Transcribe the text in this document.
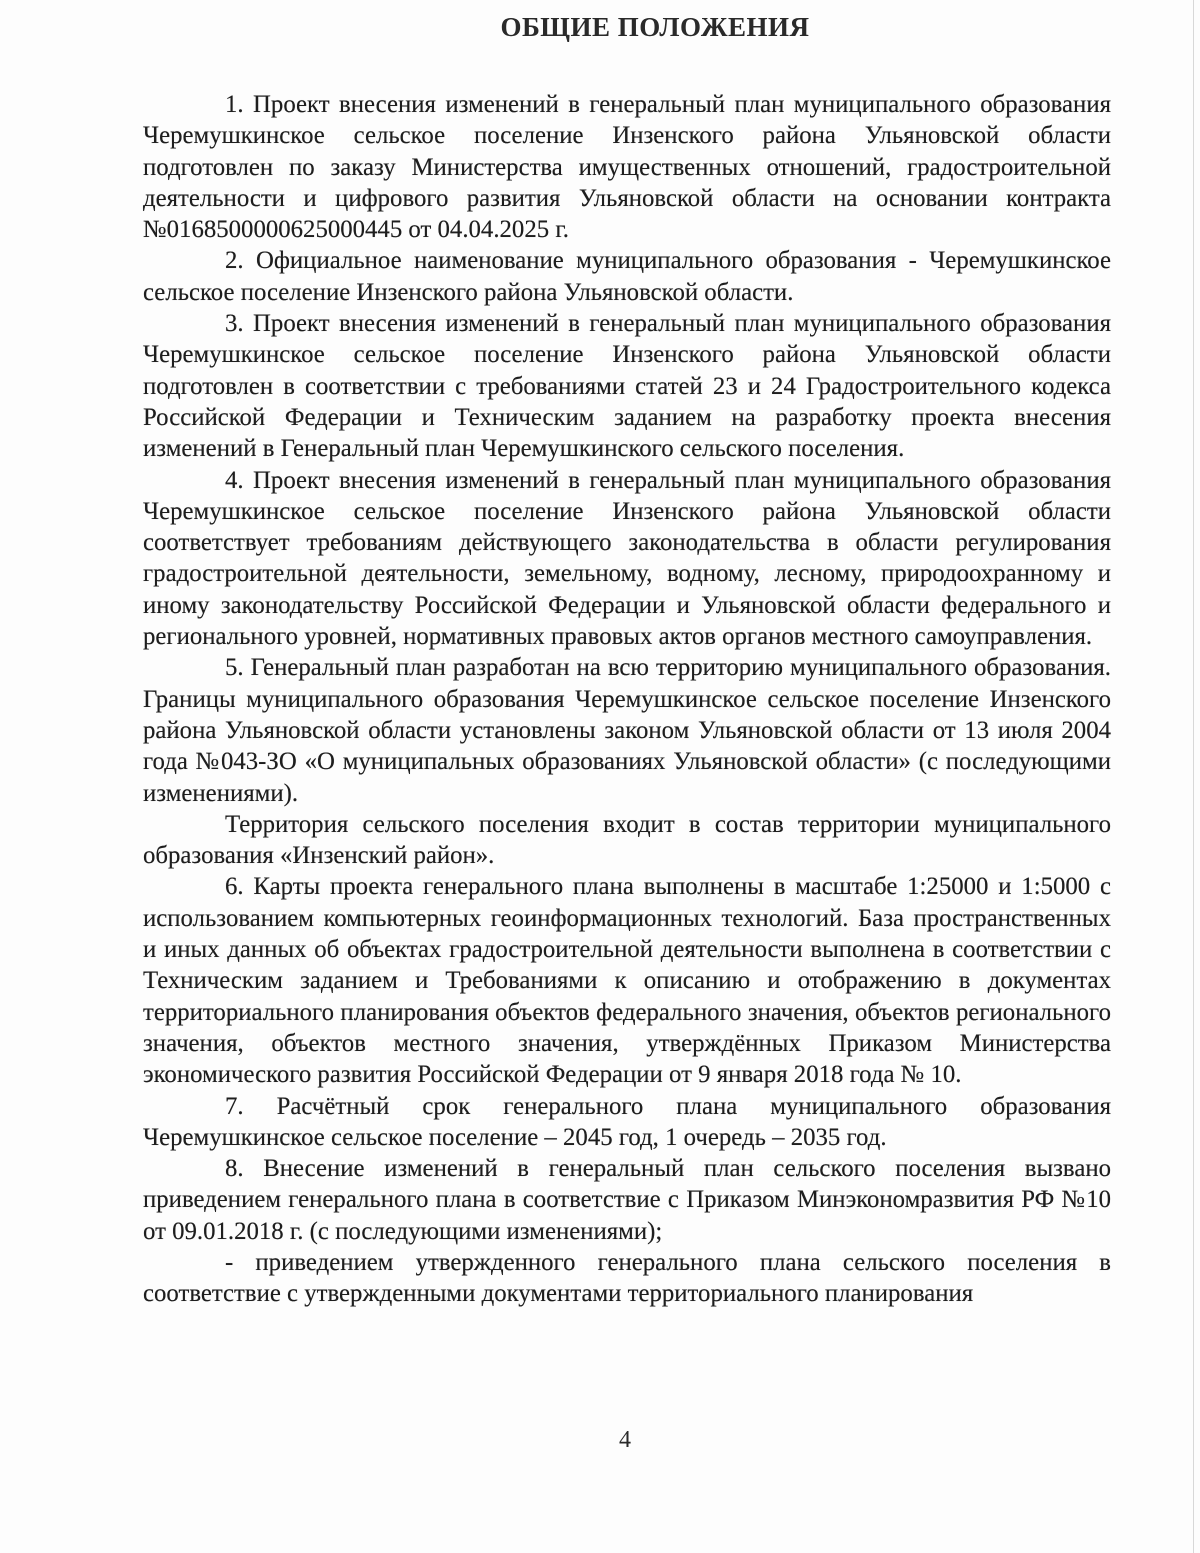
ОБЩИЕ ПОЛОЖЕНИЯ

1. Проект внесения изменений в генеральный план муниципального образования Черемушкинское сельское поселение Инзенского района Ульяновской области подготовлен по заказу Министерства имущественных отношений, градостроительной деятельности и цифрового развития Ульяновской области на основании контракта №0168500000625000445 от 04.04.2025 г.

2. Официальное наименование муниципального образования - Черемушкинское сельское поселение Инзенского района Ульяновской области.

3. Проект внесения изменений в генеральный план муниципального образования Черемушкинское сельское поселение Инзенского района Ульяновской области подготовлен в соответствии с требованиями статей 23 и 24 Градостроительного кодекса Российской Федерации и Техническим заданием на разработку проекта внесения изменений в Генеральный план Черемушкинского сельского поселения.

4. Проект внесения изменений в генеральный план муниципального образования Черемушкинское сельское поселение Инзенского района Ульяновской области соответствует требованиям действующего законодательства в области регулирования градостроительной деятельности, земельному, водному, лесному, природоохранному и иному законодательству Российской Федерации и Ульяновской области федерального и регионального уровней, нормативных правовых актов органов местного самоуправления.

5. Генеральный план разработан на всю территорию муниципального образования. Границы муниципального образования Черемушкинское сельское поселение Инзенского района Ульяновской области установлены законом Ульяновской области от 13 июля 2004 года №043-ЗО «О муниципальных образованиях Ульяновской области» (с последующими изменениями).

Территория сельского поселения входит в состав территории муниципального образования «Инзенский район».

6. Карты проекта генерального плана выполнены в масштабе 1:25000 и 1:5000 с использованием компьютерных геоинформационных технологий. База пространственных и иных данных об объектах градостроительной деятельности выполнена в соответствии с Техническим заданием и Требованиями к описанию и отображению в документах территориального планирования объектов федерального значения, объектов регионального значения, объектов местного значения, утверждённых Приказом Министерства экономического развития Российской Федерации от 9 января 2018 года № 10.

7. Расчётный срок генерального плана муниципального образования Черемушкинское сельское поселение – 2045 год, 1 очередь – 2035 год.

8. Внесение изменений в генеральный план сельского поселения вызвано приведением генерального плана в соответствие с Приказом Минэкономразвития РФ №10 от 09.01.2018 г. (с последующими изменениями);

- приведением утвержденного генерального плана сельского поселения в соответствие с утвержденными документами территориального планирования

4
